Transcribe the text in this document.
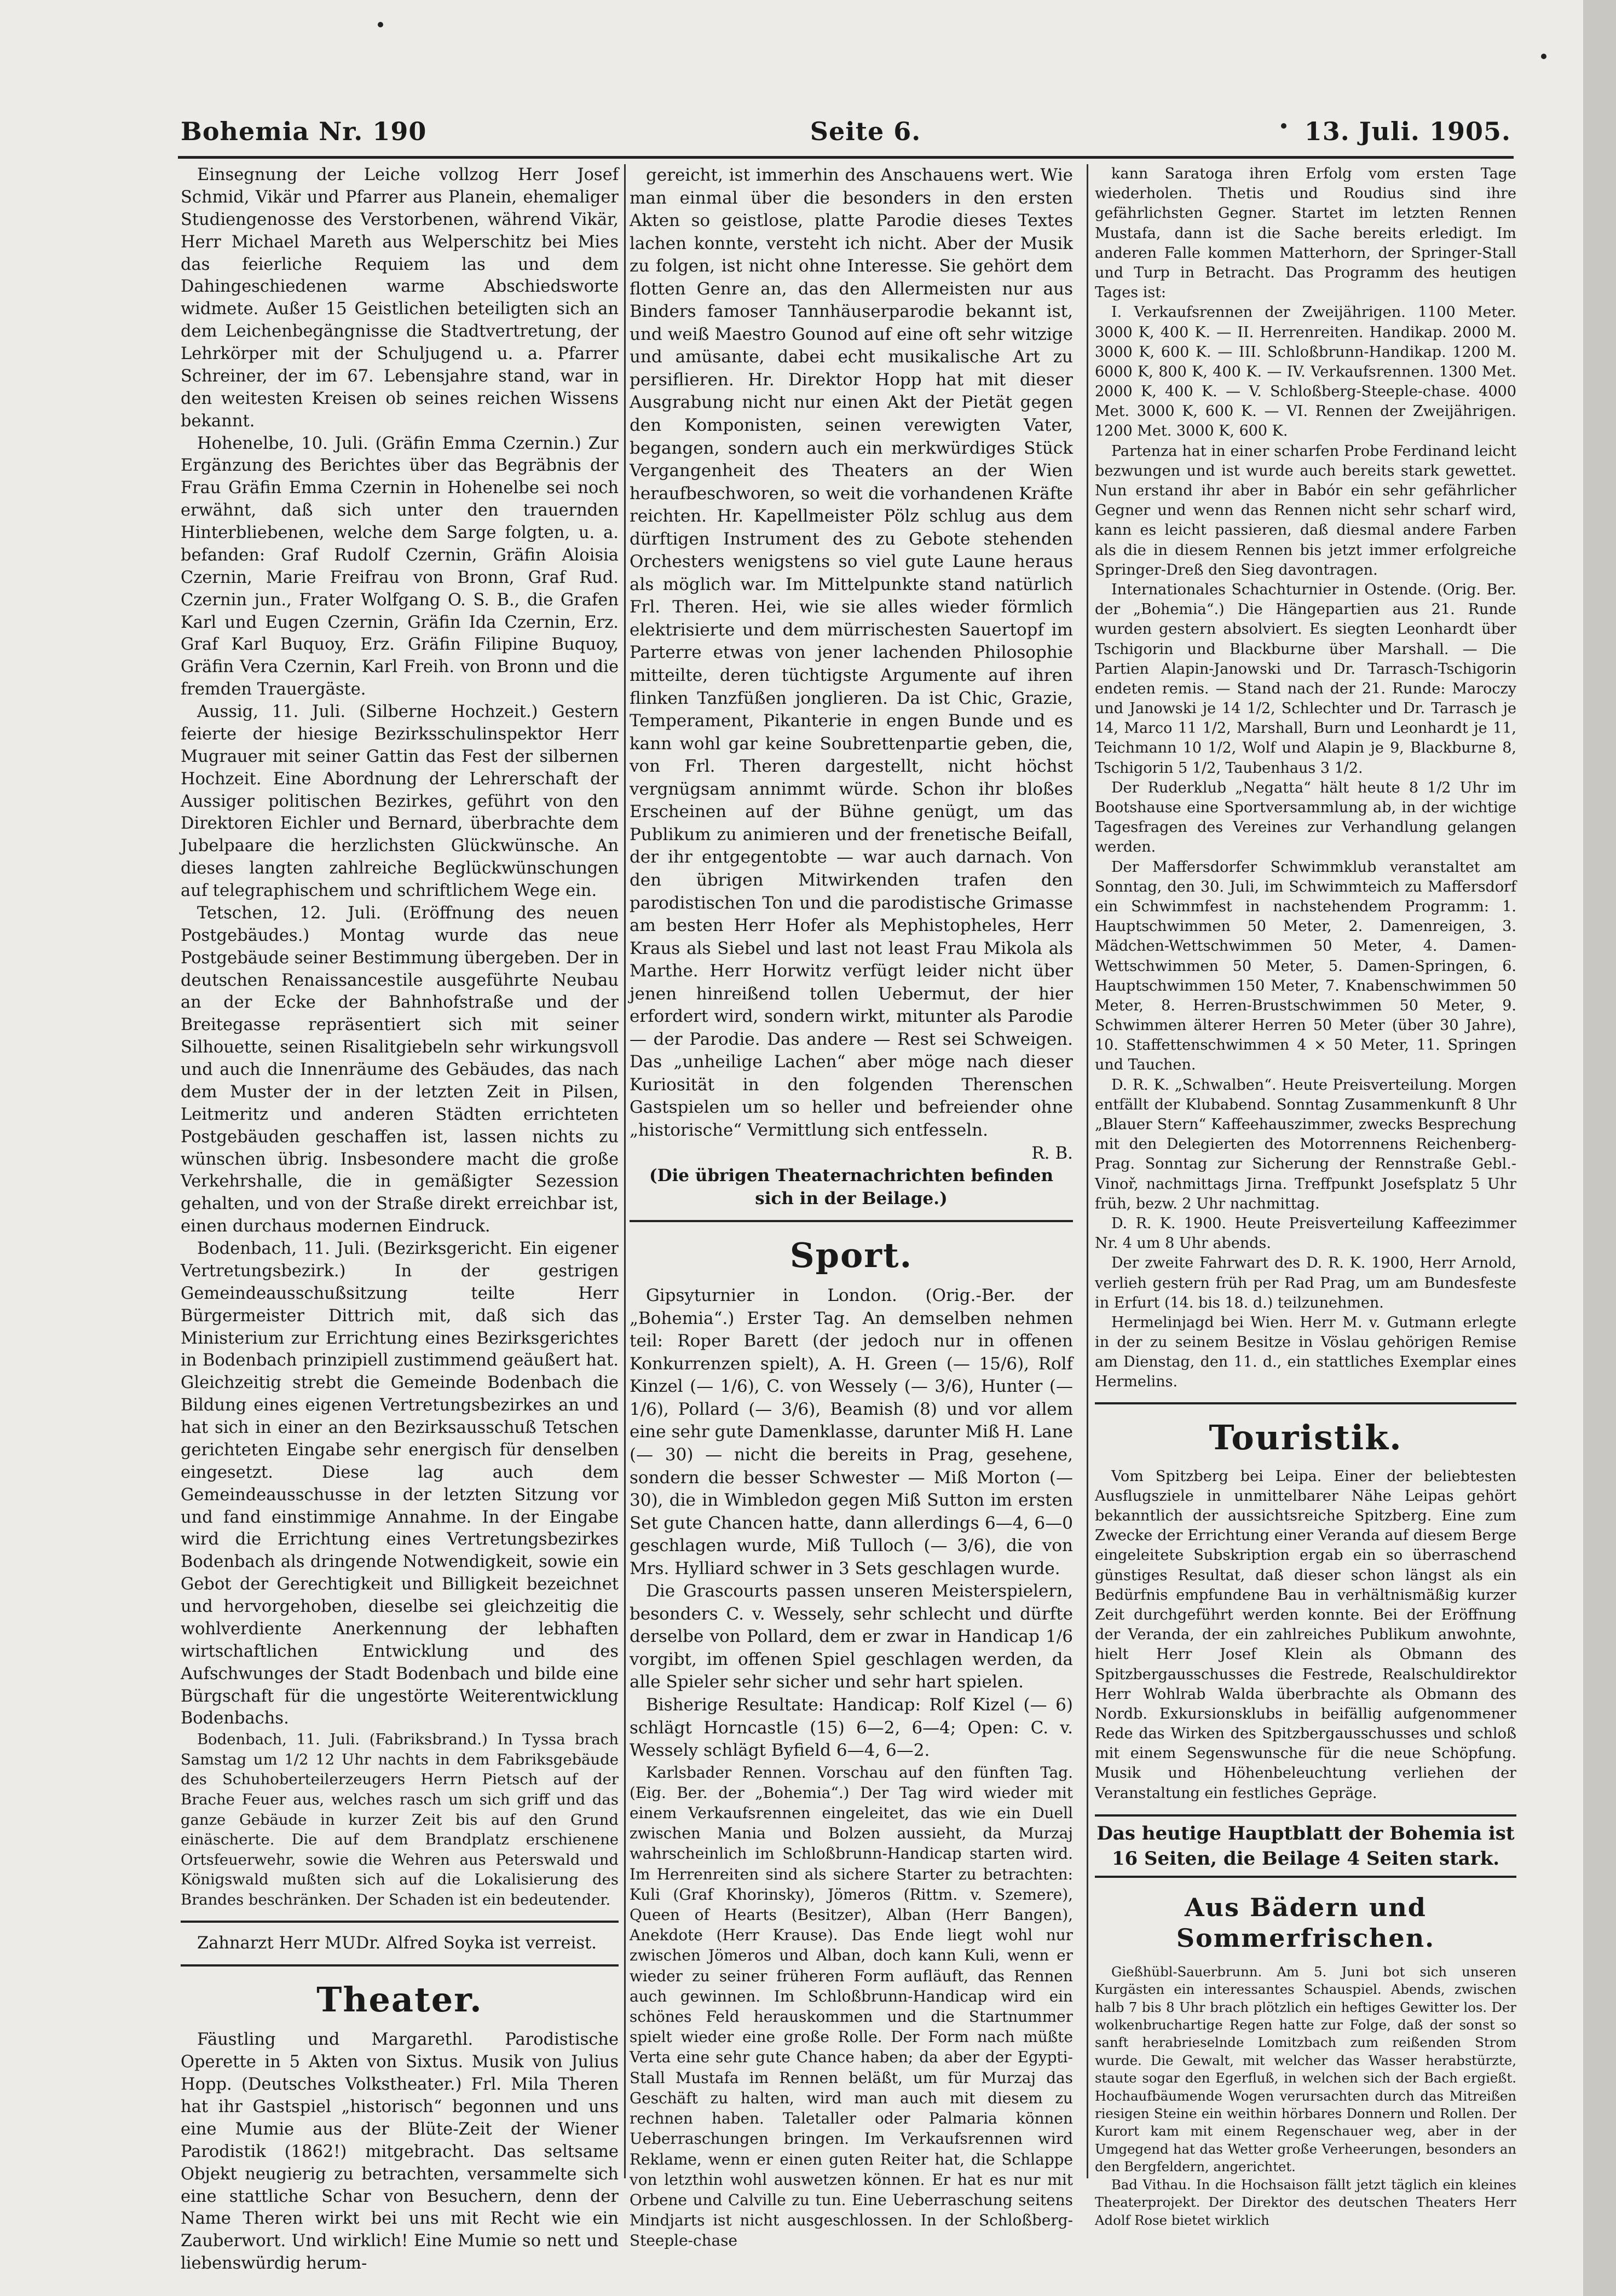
Bohemia Nr. 190	Seite 6.	13. Juli. 1905.

Einsegnung der Leiche vollzog Herr Josef Schmid, Vikär und Pfarrer aus Planein, ehemaliger Studiengenosse des Verstorbenen, während Vikär, Herr Michael Mareth aus Welperschitz bei Mies das feierliche Requiem las und dem Dahingeschiedenen warme Abschiedsworte widmete. Außer 15 Geistlichen beteiligten sich an dem Leichenbegängnisse die Stadtvertretung, der Lehrkörper mit der Schuljugend u. a. Pfarrer Schreiner, der im 67. Lebensjahre stand, war in den weitesten Kreisen ob seines reichen Wissens bekannt.

Hohenelbe, 10. Juli. (Gräfin Emma Czernin.) Zur Ergänzung des Berichtes über das Begräbnis der Frau Gräfin Emma Czernin in Hohenelbe sei noch erwähnt, daß sich unter den trauernden Hinterbliebenen, welche dem Sarge folgten, u. a. befanden: Graf Rudolf Czernin, Gräfin Aloisia Czernin, Marie Freifrau von Bronn, Graf Rud. Czernin jun., Frater Wolfgang O. S. B., die Grafen Karl und Eugen Czernin, Gräfin Ida Czernin, Erz. Graf Karl Buquoy, Erz. Gräfin Filipine Buquoy, Gräfin Vera Czernin, Karl Freih. von Bronn und die fremden Trauergäste.

Aussig, 11. Juli. (Silberne Hochzeit.) Gestern feierte der hiesige Bezirksschulinspektor Herr Mugrauer mit seiner Gattin das Fest der silbernen Hochzeit. Eine Abordnung der Lehrerschaft der Aussiger politischen Bezirkes, geführt von den Direktoren Eichler und Bernard, überbrachte dem Jubelpaare die herzlichsten Glückwünsche. An dieses langten zahlreiche Beglückwünschungen auf telegraphischem und schriftlichem Wege ein.

Tetschen, 12. Juli. (Eröffnung des neuen Postgebäudes.) Montag wurde das neue Postgebäude seiner Bestimmung übergeben. Der in deutschen Renaissancestile ausgeführte Neubau an der Ecke der Bahnhofstraße und der Breitegasse repräsentiert sich mit seiner Silhouette, seinen Risalitgiebeln sehr wirkungsvoll und auch die Innenräume des Gebäudes, das nach dem Muster der in der letzten Zeit in Pilsen, Leitmeritz und anderen Städten errichteten Postgebäuden geschaffen ist, lassen nichts zu wünschen übrig. Insbesondere macht die große Verkehrshalle, die in gemäßigter Sezession gehalten, und von der Straße direkt erreichbar ist, einen durchaus modernen Eindruck.

Bodenbach, 11. Juli. (Bezirksgericht. Ein eigener Vertretungsbezirk.) In der gestrigen Gemeindeausschußsitzung teilte Herr Bürgermeister Dittrich mit, daß sich das Ministerium zur Errichtung eines Bezirksgerichtes in Bodenbach prinzipiell zustimmend geäußert hat. Gleichzeitig strebt die Gemeinde Bodenbach die Bildung eines eigenen Vertretungsbezirkes an und hat sich in einer an den Bezirksausschuß Tetschen gerichteten Eingabe sehr energisch für denselben eingesetzt. Diese lag auch dem Gemeindeausschusse in der letzten Sitzung vor und fand einstimmige Annahme. In der Eingabe wird die Errichtung eines Vertretungsbezirkes Bodenbach als dringende Notwendigkeit, sowie ein Gebot der Gerechtigkeit und Billigkeit bezeichnet und hervorgehoben, dieselbe sei gleichzeitig die wohlverdiente Anerkennung der lebhaften wirtschaftlichen Entwicklung und des Aufschwunges der Stadt Bodenbach und bilde eine Bürgschaft für die ungestörte Weiterentwicklung Bodenbachs.

Bodenbach, 11. Juli. (Fabriksbrand.) In Tyssa brach Samstag um 1/2 12 Uhr nachts in dem Fabriksgebäude des Schuhoberteilerzeugers Herrn Pietsch auf der Brache Feuer aus, welches rasch um sich griff und das ganze Gebäude in kurzer Zeit bis auf den Grund einäscherte. Die auf dem Brandplatz erschienene Ortsfeuerwehr, sowie die Wehren aus Peterswald und Königswald mußten sich auf die Lokalisierung des Brandes beschränken. Der Schaden ist ein bedeutender.

Zahnarzt Herr MUDr. Alfred Soyka ist verreist.

Theater.

Fäustling und Margarethl. Parodistische Operette in 5 Akten von Sixtus. Musik von Julius Hopp. (Deutsches Volkstheater.) Frl. Mila Theren hat ihr Gastspiel „historisch“ begonnen und uns eine Mumie aus der Blüte-Zeit der Wiener Parodistik (1862!) mitgebracht. Das seltsame Objekt neugierig zu betrachten, versammelte sich eine stattliche Schar von Besuchern, denn der Name Theren wirkt bei uns mit Recht wie ein Zauberwort. Und wirklich! Eine Mumie so nett und liebenswürdig herum-

gereicht, ist immerhin des Anschauens wert. Wie man einmal über die besonders in den ersten Akten so geistlose, platte Parodie dieses Textes lachen konnte, versteht ich nicht. Aber der Musik zu folgen, ist nicht ohne Interesse. Sie gehört dem flotten Genre an, das den Allermeisten nur aus Binders famoser Tannhäuserparodie bekannt ist, und weiß Maestro Gounod auf eine oft sehr witzige und amüsante, dabei echt musikalische Art zu persiflieren. Hr. Direktor Hopp hat mit dieser Ausgrabung nicht nur einen Akt der Pietät gegen den Komponisten, seinen verewigten Vater, begangen, sondern auch ein merkwürdiges Stück Vergangenheit des Theaters an der Wien heraufbeschworen, so weit die vorhandenen Kräfte reichten. Hr. Kapellmeister Pölz schlug aus dem dürftigen Instrument des zu Gebote stehenden Orchesters wenigstens so viel gute Laune heraus als möglich war. Im Mittelpunkte stand natürlich Frl. Theren. Hei, wie sie alles wieder förmlich elektrisierte und dem mürrischesten Sauertopf im Parterre etwas von jener lachenden Philosophie mitteilte, deren tüchtigste Argumente auf ihren flinken Tanzfüßen jonglieren. Da ist Chic, Grazie, Temperament, Pikanterie in engen Bunde und es kann wohl gar keine Soubrettenpartie geben, die, von Frl. Theren dargestellt, nicht höchst vergnügsam annimmt würde. Schon ihr bloßes Erscheinen auf der Bühne genügt, um das Publikum zu animieren und der frenetische Beifall, der ihr entgegentobte — war auch darnach. Von den übrigen Mitwirkenden trafen den parodistischen Ton und die parodistische Grimasse am besten Herr Hofer als Mephistopheles, Herr Kraus als Siebel und last not least Frau Mikola als Marthe. Herr Horwitz verfügt leider nicht über jenen hinreißend tollen Uebermut, der hier erfordert wird, sondern wirkt, mitunter als Parodie — der Parodie. Das andere — Rest sei Schweigen. Das „unheilige Lachen“ aber möge nach dieser Kuriosität in den folgenden Therenschen Gastspielen um so heller und befreiender ohne „historische“ Vermittlung sich entfesseln.

R. B.

(Die übrigen Theaternachrichten befinden sich in der Beilage.)

Sport.

Gipsyturnier in London. (Orig.-Ber. der „Bohemia“.) Erster Tag. An demselben nehmen teil: Roper Barett (der jedoch nur in offenen Konkurrenzen spielt), A. H. Green (— 15/6), Rolf Kinzel (— 1/6), C. von Wessely (— 3/6), Hunter (— 1/6), Pollard (— 3/6), Beamish (8) und vor allem eine sehr gute Damenklasse, darunter Miß H. Lane (— 30) — nicht die bereits in Prag, gesehene, sondern die besser Schwester — Miß Morton (— 30), die in Wimbledon gegen Miß Sutton im ersten Set gute Chancen hatte, dann allerdings 6—4, 6—0 geschlagen wurde, Miß Tulloch (— 3/6), die von Mrs. Hylliard schwer in 3 Sets geschlagen wurde.

Die Grascourts passen unseren Meisterspielern, besonders C. v. Wessely, sehr schlecht und dürfte derselbe von Pollard, dem er zwar in Handicap 1/6 vorgibt, im offenen Spiel geschlagen werden, da alle Spieler sehr sicher und sehr hart spielen.

Bisherige Resultate: Handicap: Rolf Kizel (— 6) schlägt Horncastle (15) 6—2, 6—4; Open: C. v. Wessely schlägt Byfield 6—4, 6—2.

Karlsbader Rennen. Vorschau auf den fünften Tag. (Eig. Ber. der „Bohemia“.) Der Tag wird wieder mit einem Verkaufsrennen eingeleitet, das wie ein Duell zwischen Mania und Bolzen aussieht, da Murzaj wahrscheinlich im Schloßbrunn-Handicap starten wird. Im Herrenreiten sind als sichere Starter zu betrachten: Kuli (Graf Khorinsky), Jömeros (Rittm. v. Szemere), Queen of Hearts (Besitzer), Alban (Herr Bangen), Anekdote (Herr Krause). Das Ende liegt wohl nur zwischen Jömeros und Alban, doch kann Kuli, wenn er wieder zu seiner früheren Form aufläuft, das Rennen auch gewinnen. Im Schloßbrunn-Handicap wird ein schönes Feld herauskommen und die Startnummer spielt wieder eine große Rolle. Der Form nach müßte Verta eine sehr gute Chance haben; da aber der Egypti-Stall Mustafa im Rennen beläßt, um für Murzaj das Geschäft zu halten, wird man auch mit diesem zu rechnen haben. Taletaller oder Palmaria können Ueberraschungen bringen. Im Verkaufsrennen wird Reklame, wenn er einen guten Reiter hat, die Schlappe von letzthin wohl auswetzen können. Er hat es nur mit Orbene und Calville zu tun. Eine Ueberraschung seitens Mindjarts ist nicht ausgeschlossen. In der Schloßberg-Steeple-chase

kann Saratoga ihren Erfolg vom ersten Tage wiederholen. Thetis und Roudius sind ihre gefährlichsten Gegner. Startet im letzten Rennen Mustafa, dann ist die Sache bereits erledigt. Im anderen Falle kommen Matterhorn, der Springer-Stall und Turp in Betracht. Das Programm des heutigen Tages ist:

I. Verkaufsrennen der Zweijährigen. 1100 Meter. 3000 K, 400 K. — II. Herrenreiten. Handikap. 2000 M. 3000 K, 600 K. — III. Schloßbrunn-Handikap. 1200 M. 6000 K, 800 K, 400 K. — IV. Verkaufsrennen. 1300 Met. 2000 K, 400 K. — V. Schloßberg-Steeple-chase. 4000 Met. 3000 K, 600 K. — VI. Rennen der Zweijährigen. 1200 Met. 3000 K, 600 K.

Partenza hat in einer scharfen Probe Ferdinand leicht bezwungen und ist wurde auch bereits stark gewettet. Nun erstand ihr aber in Babór ein sehr gefährlicher Gegner und wenn das Rennen nicht sehr scharf wird, kann es leicht passieren, daß diesmal andere Farben als die in diesem Rennen bis jetzt immer erfolgreiche Springer-Dreß den Sieg davontragen.

Internationales Schachturnier in Ostende. (Orig. Ber. der „Bohemia“.) Die Hängepartien aus 21. Runde wurden gestern absolviert. Es siegten Leonhardt über Tschigorin und Blackburne über Marshall. — Die Partien Alapin-Janowski und Dr. Tarrasch-Tschigorin endeten remis. — Stand nach der 21. Runde: Maroczy und Janowski je 14 1/2, Schlechter und Dr. Tarrasch je 14, Marco 11 1/2, Marshall, Burn und Leonhardt je 11, Teichmann 10 1/2, Wolf und Alapin je 9, Blackburne 8, Tschigorin 5 1/2, Taubenhaus 3 1/2.

Der Ruderklub „Negatta“ hält heute 8 1/2 Uhr im Bootshause eine Sportversammlung ab, in der wichtige Tagesfragen des Vereines zur Verhandlung gelangen werden.

Der Maffersdorfer Schwimmklub veranstaltet am Sonntag, den 30. Juli, im Schwimmteich zu Maffersdorf ein Schwimmfest in nachstehendem Programm: 1. Hauptschwimmen 50 Meter, 2. Damenreigen, 3. Mädchen-Wettschwimmen 50 Meter, 4. Damen-Wettschwimmen 50 Meter, 5. Damen-Springen, 6. Hauptschwimmen 150 Meter, 7. Knabenschwimmen 50 Meter, 8. Herren-Brustschwimmen 50 Meter, 9. Schwimmen älterer Herren 50 Meter (über 30 Jahre), 10. Staffettenschwimmen 4 × 50 Meter, 11. Springen und Tauchen.

D. R. K. „Schwalben“. Heute Preisverteilung. Morgen entfällt der Klubabend. Sonntag Zusammenkunft 8 Uhr „Blauer Stern“ Kaffeehauszimmer, zwecks Besprechung mit den Delegierten des Motorrennens Reichenberg-Prag. Sonntag zur Sicherung der Rennstraße Gebl.-Vinoř, nachmittags Jirna. Treffpunkt Josefsplatz 5 Uhr früh, bezw. 2 Uhr nachmittag.

D. R. K. 1900. Heute Preisverteilung Kaffeezimmer Nr. 4 um 8 Uhr abends.

Der zweite Fahrwart des D. R. K. 1900, Herr Arnold, verlieh gestern früh per Rad Prag, um am Bundesfeste in Erfurt (14. bis 18. d.) teilzunehmen.

Hermelinjagd bei Wien. Herr M. v. Gutmann erlegte in der zu seinem Besitze in Vöslau gehörigen Remise am Dienstag, den 11. d., ein stattliches Exemplar eines Hermelins.

Touristik.

Vom Spitzberg bei Leipa. Einer der beliebtesten Ausflugsziele in unmittelbarer Nähe Leipas gehört bekanntlich der aussichtsreiche Spitzberg. Eine zum Zwecke der Errichtung einer Veranda auf diesem Berge eingeleitete Subskription ergab ein so überraschend günstiges Resultat, daß dieser schon längst als ein Bedürfnis empfundene Bau in verhältnismäßig kurzer Zeit durchgeführt werden konnte. Bei der Eröffnung der Veranda, der ein zahlreiches Publikum anwohnte, hielt Herr Josef Klein als Obmann des Spitzbergausschusses die Festrede, Realschuldirektor Herr Wohlrab Walda überbrachte als Obmann des Nordb. Exkursionsklubs in beifällig aufgenommener Rede das Wirken des Spitzbergausschusses und schloß mit einem Segenswunsche für die neue Schöpfung. Musik und Höhenbeleuchtung verliehen der Veranstaltung ein festliches Gepräge.

Das heutige Hauptblatt der Bohemia ist 16 Seiten, die Beilage 4 Seiten stark.
Aus Bädern und Sommerfrischen.

Gießhübl-Sauerbrunn. Am 5. Juni bot sich unseren Kurgästen ein interessantes Schauspiel. Abends, zwischen halb 7 bis 8 Uhr brach plötzlich ein heftiges Gewitter los. Der wolkenbruchartige Regen hatte zur Folge, daß der sonst so sanft herabrieselnde Lomitzbach zum reißenden Strom wurde. Die Gewalt, mit welcher das Wasser herabstürzte, staute sogar den Egerfluß, in welchen sich der Bach ergießt. Hochaufbäumende Wogen verursachten durch das Mitreißen riesigen Steine ein weithin hörbares Donnern und Rollen. Der Kurort kam mit einem Regenschauer weg, aber in der Umgegend hat das Wetter große Verheerungen, besonders an den Bergfeldern, angerichtet.

Bad Vithau. In die Hochsaison fällt jetzt täglich ein kleines Theaterprojekt. Der Direktor des deutschen Theaters Herr Adolf Rose bietet wirklich
